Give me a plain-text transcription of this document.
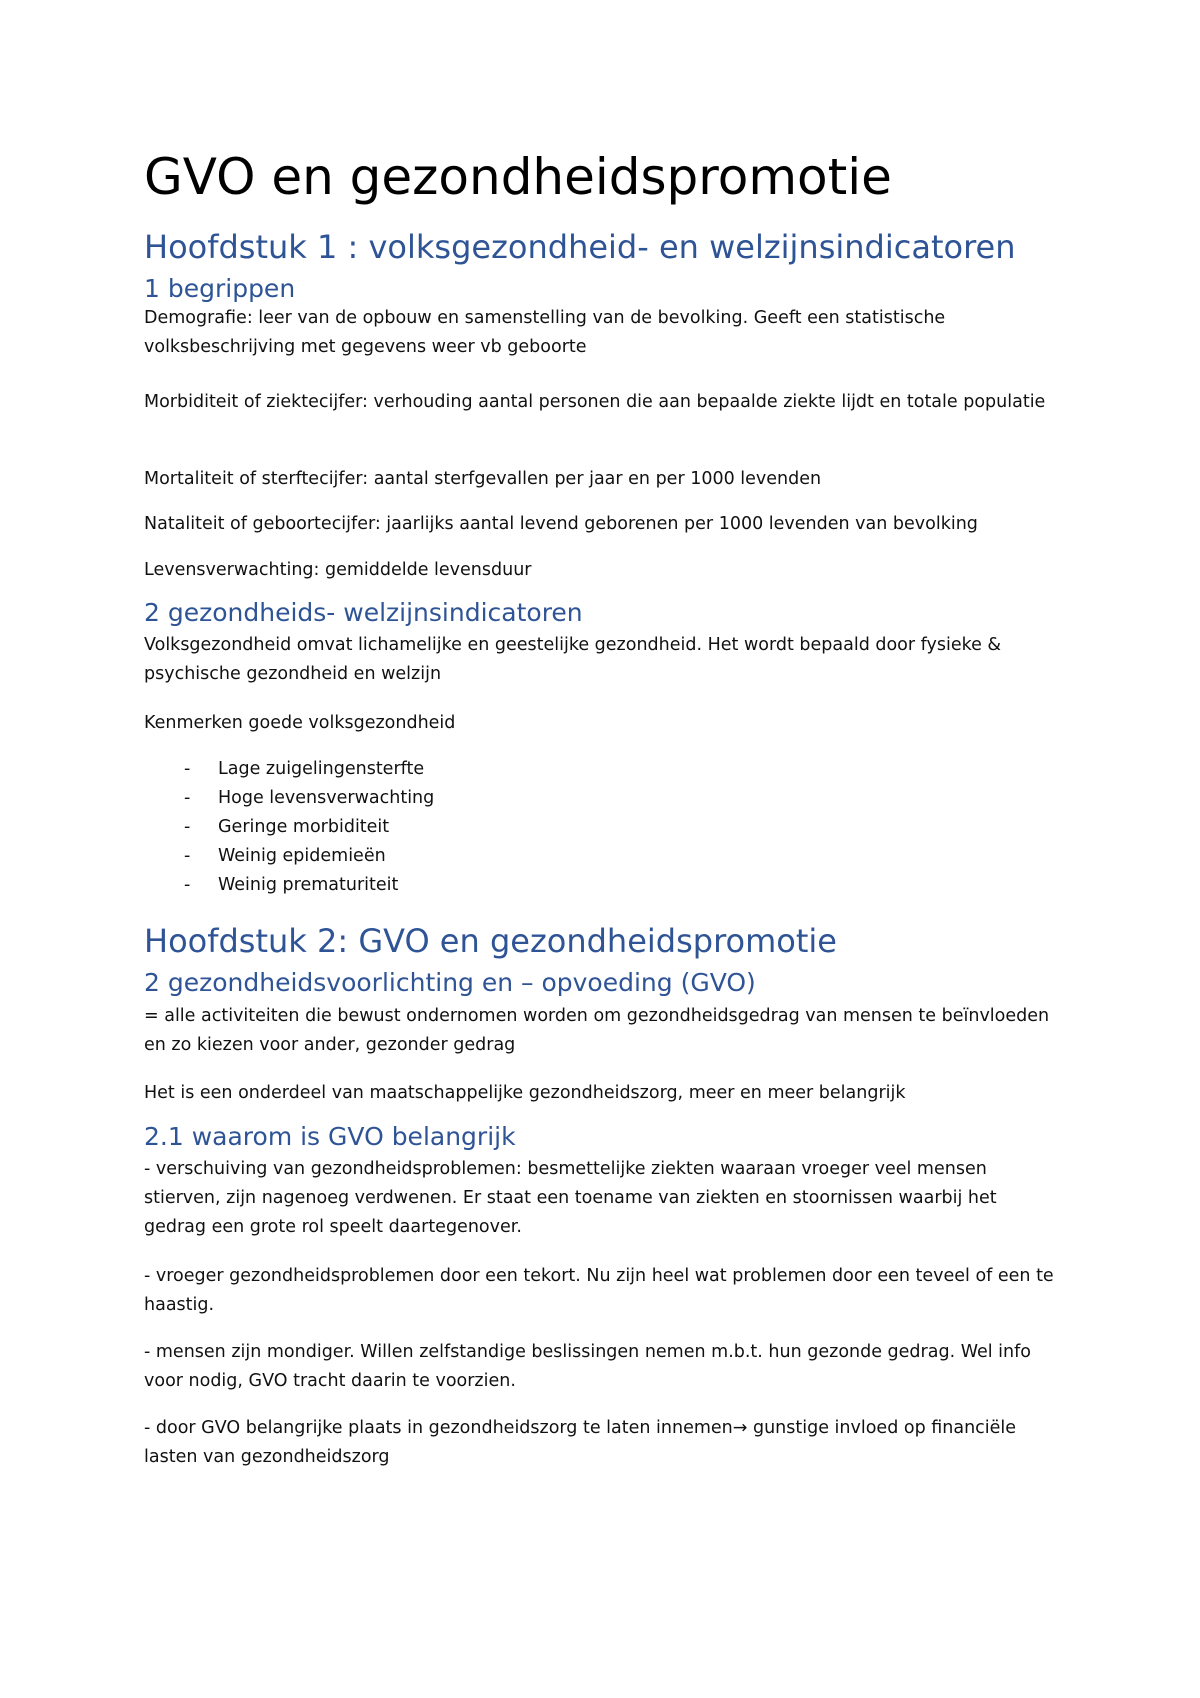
GVO en gezondheidspromotie
Hoofdstuk 1 : volksgezondheid- en welzijnsindicatoren
1 begrippen

Demografie: leer van de opbouw en samenstelling van de bevolking. Geeft een statistische volksbeschrijving met gegevens weer vb geboorte

Morbiditeit of ziektecijfer: verhouding aantal personen die aan bepaalde ziekte lijdt en totale populatie

Mortaliteit of sterftecijfer: aantal sterfgevallen per jaar en per 1000 levenden

Nataliteit of geboortecijfer: jaarlijks aantal levend geborenen per 1000 levenden van bevolking

Levensverwachting: gemiddelde levensduur

2 gezondheids- welzijnsindicatoren

Volksgezondheid omvat lichamelijke en geestelijke gezondheid. Het wordt bepaald door fysieke & psychische gezondheid en welzijn

Kenmerken goede volksgezondheid

- Lage zuigelingensterfte
- Hoge levensverwachting
- Geringe morbiditeit
- Weinig epidemieën
- Weinig prematuriteit
Hoofdstuk 2: GVO en gezondheidspromotie
2 gezondheidsvoorlichting en – opvoeding (GVO)

= alle activiteiten die bewust ondernomen worden om gezondheidsgedrag van mensen te beïnvloeden en zo kiezen voor ander, gezonder gedrag

Het is een onderdeel van maatschappelijke gezondheidszorg, meer en meer belangrijk

2.1 waarom is GVO belangrijk

- verschuiving van gezondheidsproblemen: besmettelijke ziekten waaraan vroeger veel mensen stierven, zijn nagenoeg verdwenen. Er staat een toename van ziekten en stoornissen waarbij het gedrag een grote rol speelt daartegenover.

- vroeger gezondheidsproblemen door een tekort. Nu zijn heel wat problemen door een teveel of een te haastig.

- mensen zijn mondiger. Willen zelfstandige beslissingen nemen m.b.t. hun gezonde gedrag. Wel info voor nodig, GVO tracht daarin te voorzien.

- door GVO belangrijke plaats in gezondheidszorg te laten innemen→ gunstige invloed op financiële lasten van gezondheidszorg
